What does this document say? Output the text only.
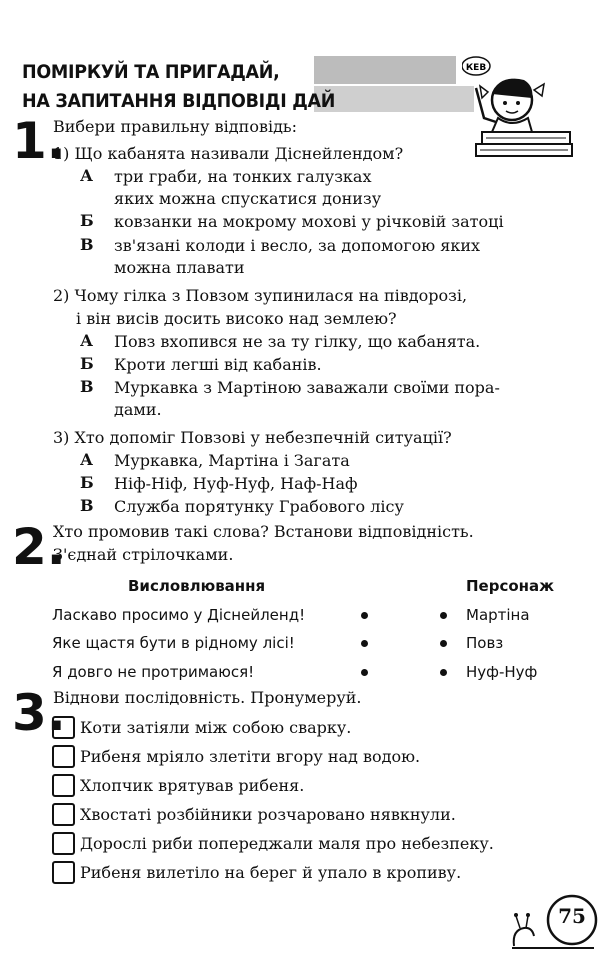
ПОМІРКУЙ ТА ПРИГАДАЙ,
НА ЗАПИТАННЯ ВІДПОВІДІ ДАЙ
КЕВ
1.
Вибери правильну відповідь:
1) Що кабанята називали Діснейлендом?
А три граби, на тонких галузках
яких можна спускатися донизу
Б ковзанки на мокрому мохові у річковій затоці
В зв'язані колоди і весло, за допомогою яких
можна плавати
2) Чому гілка з Повзом зупинилася на півдорозі,
і він висів досить високо над землею?
А Повз вхопився не за ту гілку, що кабанята.
Б Кроти легші від кабанів.
В Муркавка з Мартіною заважали своїми пора-
дами.
3) Хто допоміг Повзові у небезпечній ситуації?
А Муркавка, Мартіна і Загата
Б Ніф-Ніф, Нуф-Нуф, Наф-Наф
В Служба порятунку Грабового лісу
2.
Хто промовив такі слова? Встанови відповідність.
З'єднай стрілочками.
Висловлювання	Персонаж
Ласкаво просимо у Діснейленд!
Яке щастя бути в рідному лісі!
Я довго не протримаюся!
Мартіна
Повз
Нуф-Нуф
3.
Віднови послідовність. Пронумеруй.
Коти затіяли між собою сварку.
Рибеня мріяло злетіти вгору над водою.
Хлопчик врятував рибеня.
Хвостаті розбійники розчаровано нявкнули.
Дорослі риби попереджали маля про небезпеку.
Рибеня вилетіло на берег й упало в кропиву.
75
